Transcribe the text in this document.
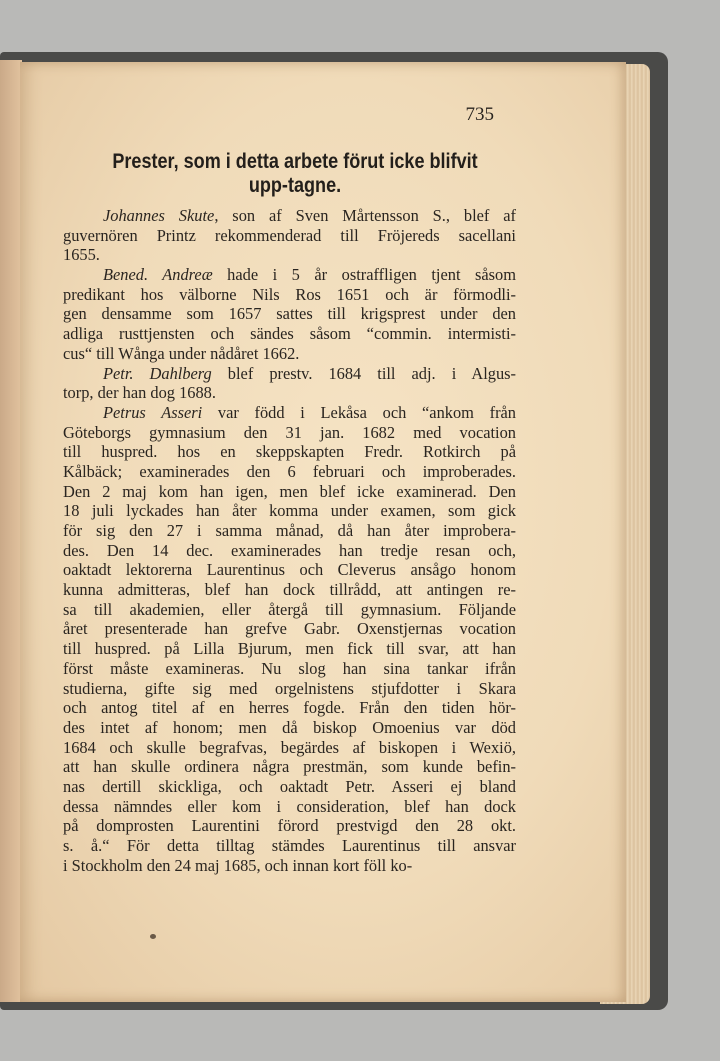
735
Prester, som i detta arbete förut icke blifvit upp-tagne.
Johannes Skute, son af Sven Mårtensson S., blef af
guvernören Printz rekommenderad till Fröjereds sacellani
1655.
Bened. Andreæ hade i 5 år ostraffligen tjent såsom
predikant hos välborne Nils Ros 1651 och är förmodli-
gen densamme som 1657 sattes till krigsprest under den
adliga rusttjensten och sändes såsom “commin. intermisti-
cus“ till Wånga under nådåret 1662.
Petr. Dahlberg blef prestv. 1684 till adj. i Algus-
torp, der han dog 1688.
Petrus Asseri var född i Lekåsa och “ankom från
Göteborgs gymnasium den 31 jan. 1682 med vocation
till huspred. hos en skeppskapten Fredr. Rotkirch på
Kålbäck; examinerades den 6 februari och improberades.
Den 2 maj kom han igen, men blef icke examinerad. Den
18 juli lyckades han åter komma under examen, som gick
för sig den 27 i samma månad, då han åter improbera-
des. Den 14 dec. examinerades han tredje resan och,
oaktadt lektorerna Laurentinus och Cleverus ansågo honom
kunna admitteras, blef han dock tillrådd, att antingen re-
sa till akademien, eller återgå till gymnasium. Följande
året presenterade han grefve Gabr. Oxenstjernas vocation
till huspred. på Lilla Bjurum, men fick till svar, att han
först måste examineras. Nu slog han sina tankar ifrån
studierna, gifte sig med orgelnistens stjufdotter i Skara
och antog titel af en herres fogde. Från den tiden hör-
des intet af honom; men då biskop Omoenius var död
1684 och skulle begrafvas, begärdes af biskopen i Wexiö,
att han skulle ordinera några prestmän, som kunde befin-
nas dertill skickliga, och oaktadt Petr. Asseri ej bland
dessa nämndes eller kom i consideration, blef han dock
på domprosten Laurentini förord prestvigd den 28 okt.
s. å.“ För detta tilltag stämdes Laurentinus till ansvar
i Stockholm den 24 maj 1685, och innan kort föll ko-
